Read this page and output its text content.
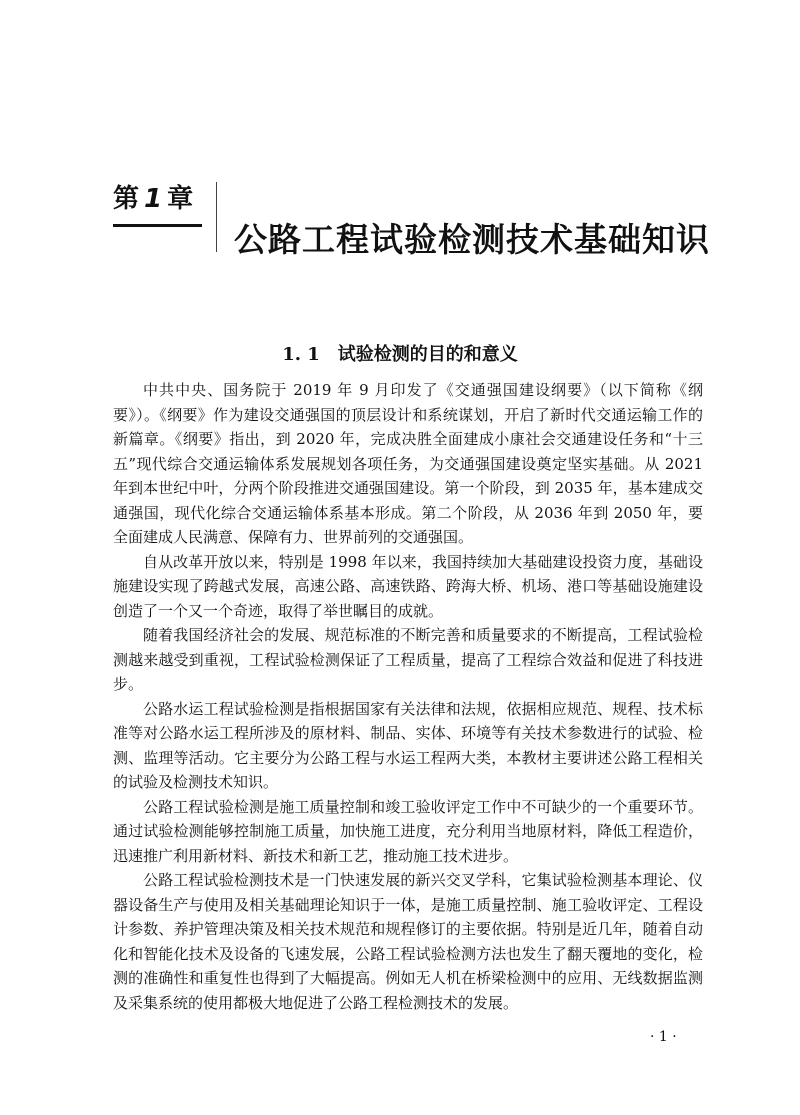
第 1 章
公路工程试验检测技术基础知识
1. 1 试验检测的目的和意义

中共中央、国务院于 2019 年 9 月印发了《交通强国建设纲要》（以下简称《纲要》）。《纲要》作为建设交通强国的顶层设计和系统谋划，开启了新时代交通运输工作的新篇章。《纲要》指出，到 2020 年，完成决胜全面建成小康社会交通建设任务和“十三五”现代综合交通运输体系发展规划各项任务，为交通强国建设奠定坚实基础。从 2021 年到本世纪中叶，分两个阶段推进交通强国建设。第一个阶段，到 2035 年，基本建成交通强国，现代化综合交通运输体系基本形成。第二个阶段，从 2036 年到 2050 年，要全面建成人民满意、保障有力、世界前列的交通强国。

自从改革开放以来，特别是 1998 年以来，我国持续加大基础建设投资力度，基础设施建设实现了跨越式发展，高速公路、高速铁路、跨海大桥、机场、港口等基础设施建设创造了一个又一个奇迹，取得了举世瞩目的成就。

随着我国经济社会的发展、规范标准的不断完善和质量要求的不断提高，工程试验检测越来越受到重视，工程试验检测保证了工程质量，提高了工程综合效益和促进了科技进步。

公路水运工程试验检测是指根据国家有关法律和法规，依据相应规范、规程、技术标准等对公路水运工程所涉及的原材料、制品、实体、环境等有关技术参数进行的试验、检测、监理等活动。它主要分为公路工程与水运工程两大类，本教材主要讲述公路工程相关的试验及检测技术知识。

公路工程试验检测是施工质量控制和竣工验收评定工作中不可缺少的一个重要环节。通过试验检测能够控制施工质量，加快施工进度，充分利用当地原材料，降低工程造价，迅速推广利用新材料、新技术和新工艺，推动施工技术进步。

公路工程试验检测技术是一门快速发展的新兴交叉学科，它集试验检测基本理论、仪器设备生产与使用及相关基础理论知识于一体，是施工质量控制、施工验收评定、工程设计参数、养护管理决策及相关技术规范和规程修订的主要依据。特别是近几年，随着自动化和智能化技术及设备的飞速发展，公路工程试验检测方法也发生了翻天覆地的变化，检测的准确性和重复性也得到了大幅提高。例如无人机在桥梁检测中的应用、无线数据监测及采集系统的使用都极大地促进了公路工程检测技术的发展。

· 1 ·
